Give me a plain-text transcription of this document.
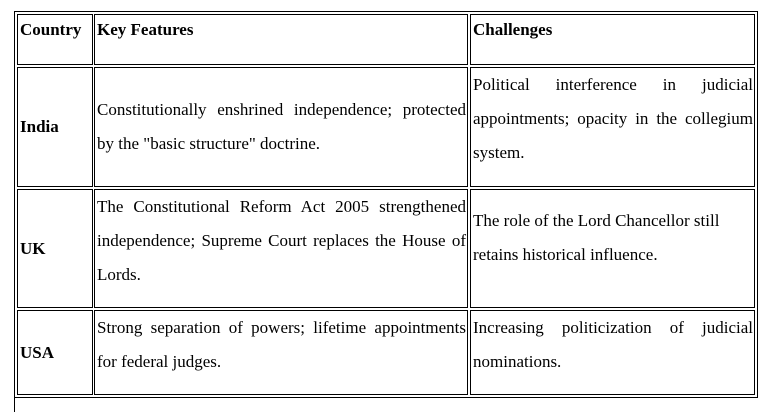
Country Key Features	Challenges
India
Constitutionally enshrined independence; protected by the "basic structure" doctrine.
Political interference in judicial appointments; opacity in the collegium system.
UK
The Constitutional Reform Act 2005 strengthened independence; Supreme Court replaces the House of Lords.
The role of the Lord Chancellor still retains historical influence.
USA
Strong separation of powers; lifetime appointments for federal judges.
Increasing politicization of judicial nominations.
